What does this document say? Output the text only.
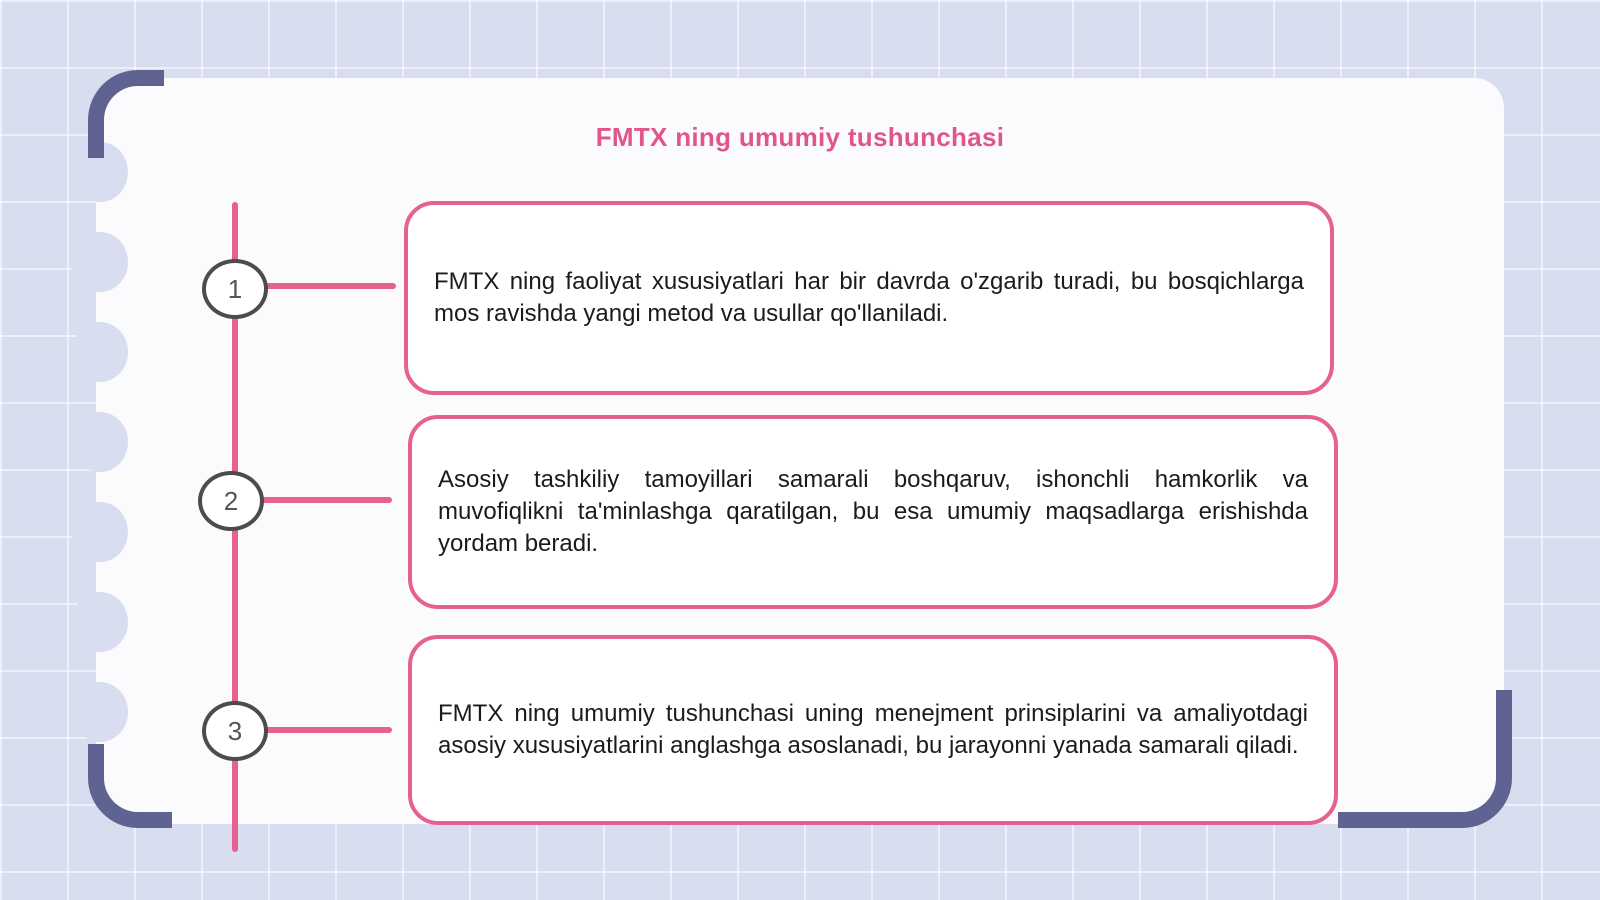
FMTX ning umumiy tushunchasi
1	FMTX ning faoliyat xususiyatlari har bir davrda o'zgarib turadi, bu bosqichlarga mos ravishda yangi metod va usullar qo'llaniladi.
2
Asosiy tashkiliy tamoyillari samarali boshqaruv, ishonchli hamkorlik va muvofiqlikni ta'minlashga qaratilgan, bu esa umumiy maqsadlarga erishishda yordam beradi.
3
FMTX ning umumiy tushunchasi uning menejment prinsiplarini va amaliyotdagi asosiy xususiyatlarini anglashga asoslanadi, bu jarayonni yanada samarali qiladi.
